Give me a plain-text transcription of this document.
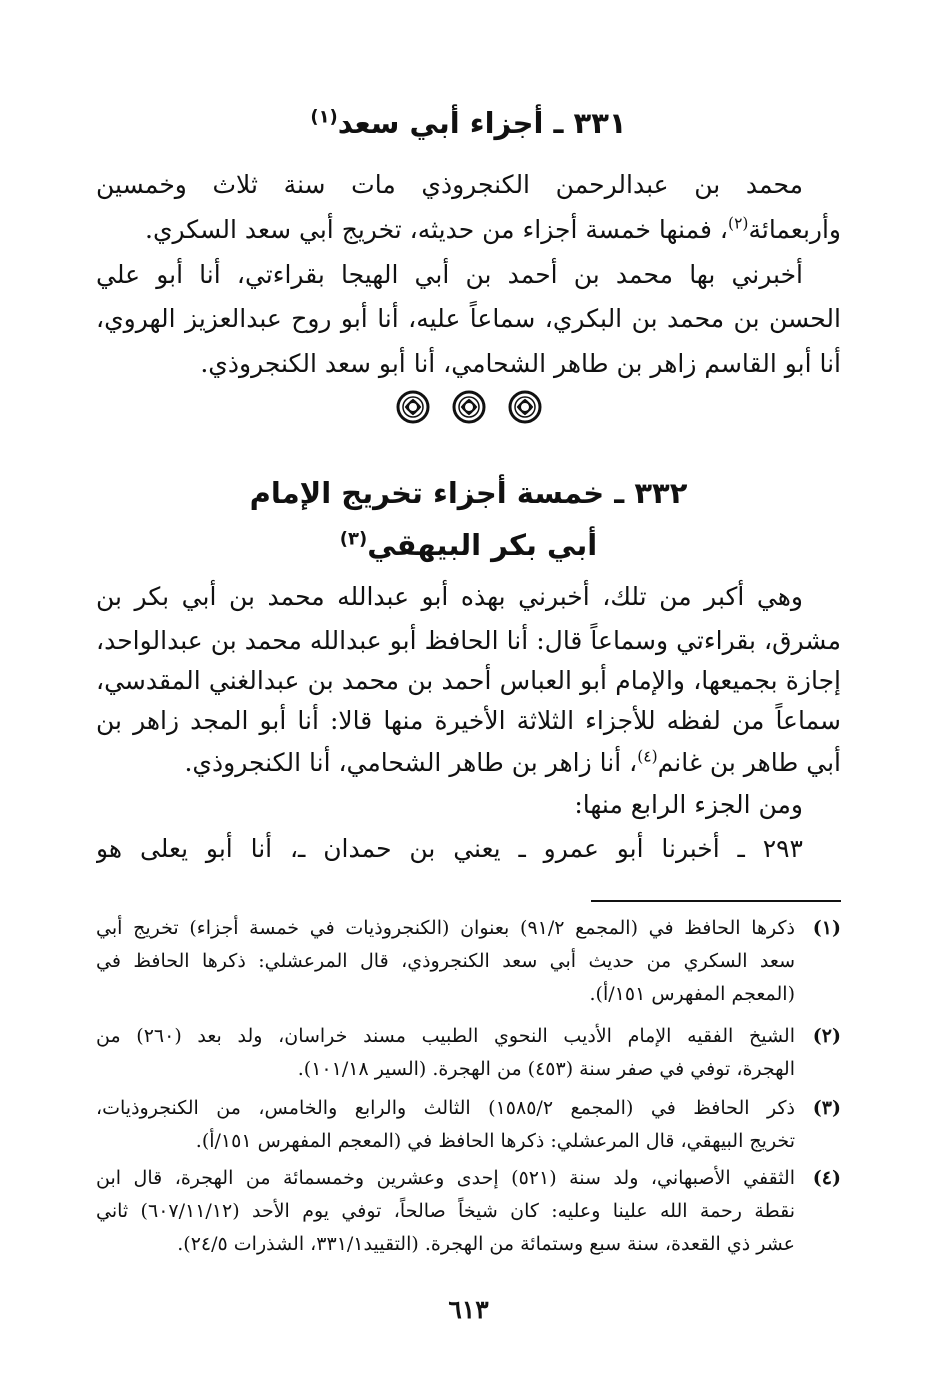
٣٣١ ـ أجزاء أبي سعد$^{(١)}$
محمد بن عبدالرحمن الكنجروذي مات سنة ثلاث وخمسين
وأربعمائة$^{(٢)}$، فمنها خمسة أجزاء من حديثه، تخريج أبي سعد السكري.
أخبرني بها محمد بن أحمد بن أبي الهيجا بقراءتي، أنا أبو علي
الحسن بن محمد بن البكري، سماعاً عليه، أنا أبو روح عبدالعزيز الهروي،
أنا أبو القاسم زاهر بن طاهر الشحامي، أنا أبو سعد الكنجروذي.
٣٣٢ ـ خمسة أجزاء تخريج الإمام
أبي بكر البيهقي$^{(٣)}$
وهي أكبر من تلك، أخبرني بهذه أبو عبدالله محمد بن أبي بكر بن
مشرق، بقراءتي وسماعاً قال: أنا الحافظ أبو عبدالله محمد بن عبدالواحد،
إجازة بجميعها، والإمام أبو العباس أحمد بن محمد بن عبدالغني المقدسي،
سماعاً من لفظه للأجزاء الثلاثة الأخيرة منها قالا: أنا أبو المجد زاهر بن
أبي طاهر بن غانم$^{(٤)}$، أنا زاهر بن طاهر الشحامي، أنا الكنجروذي.
ومن الجزء الرابع منها:
٢٩٣ ـ أخبرنا أبو عمرو ـ يعني بن حمدان ـ، أنا أبو يعلى هو
(١)
ذكرها الحافظ في (المجمع ٩١/٢) بعنوان (الكنجروذيات في خمسة أجزاء) تخريج أبي
سعد السكري من حديث أبي سعد الكنجروذي، قال المرعشلي: ذكرها الحافظ في
(المعجم المفهرس ١٥١/أ).
(٢)
الشيخ الفقيه الإمام الأديب النحوي الطبيب مسند خراسان، ولد بعد (٢٦٠) من
الهجرة، توفي في صفر سنة (٤٥٣) من الهجرة. (السير ١٠١/١٨).
(٣)
ذكر الحافظ في (المجمع ١٥٨٥/٢) الثالث والرابع والخامس، من الكنجروذيات،
تخريج البيهقي، قال المرعشلي: ذكرها الحافظ في (المعجم المفهرس ١٥١/أ).
(٤)
الثقفي الأصبهاني، ولد سنة (٥٢١) إحدى وعشرين وخمسمائة من الهجرة، قال ابن
نقطة رحمة الله علينا وعليه: كان شيخاً صالحاً، توفي يوم الأحد (٦٠٧/١١/١٢) ثاني
عشر ذي القعدة، سنة سبع وستمائة من الهجرة. (التقييد٣٣١/١، الشذرات ٢٤/٥).
٦١٣
